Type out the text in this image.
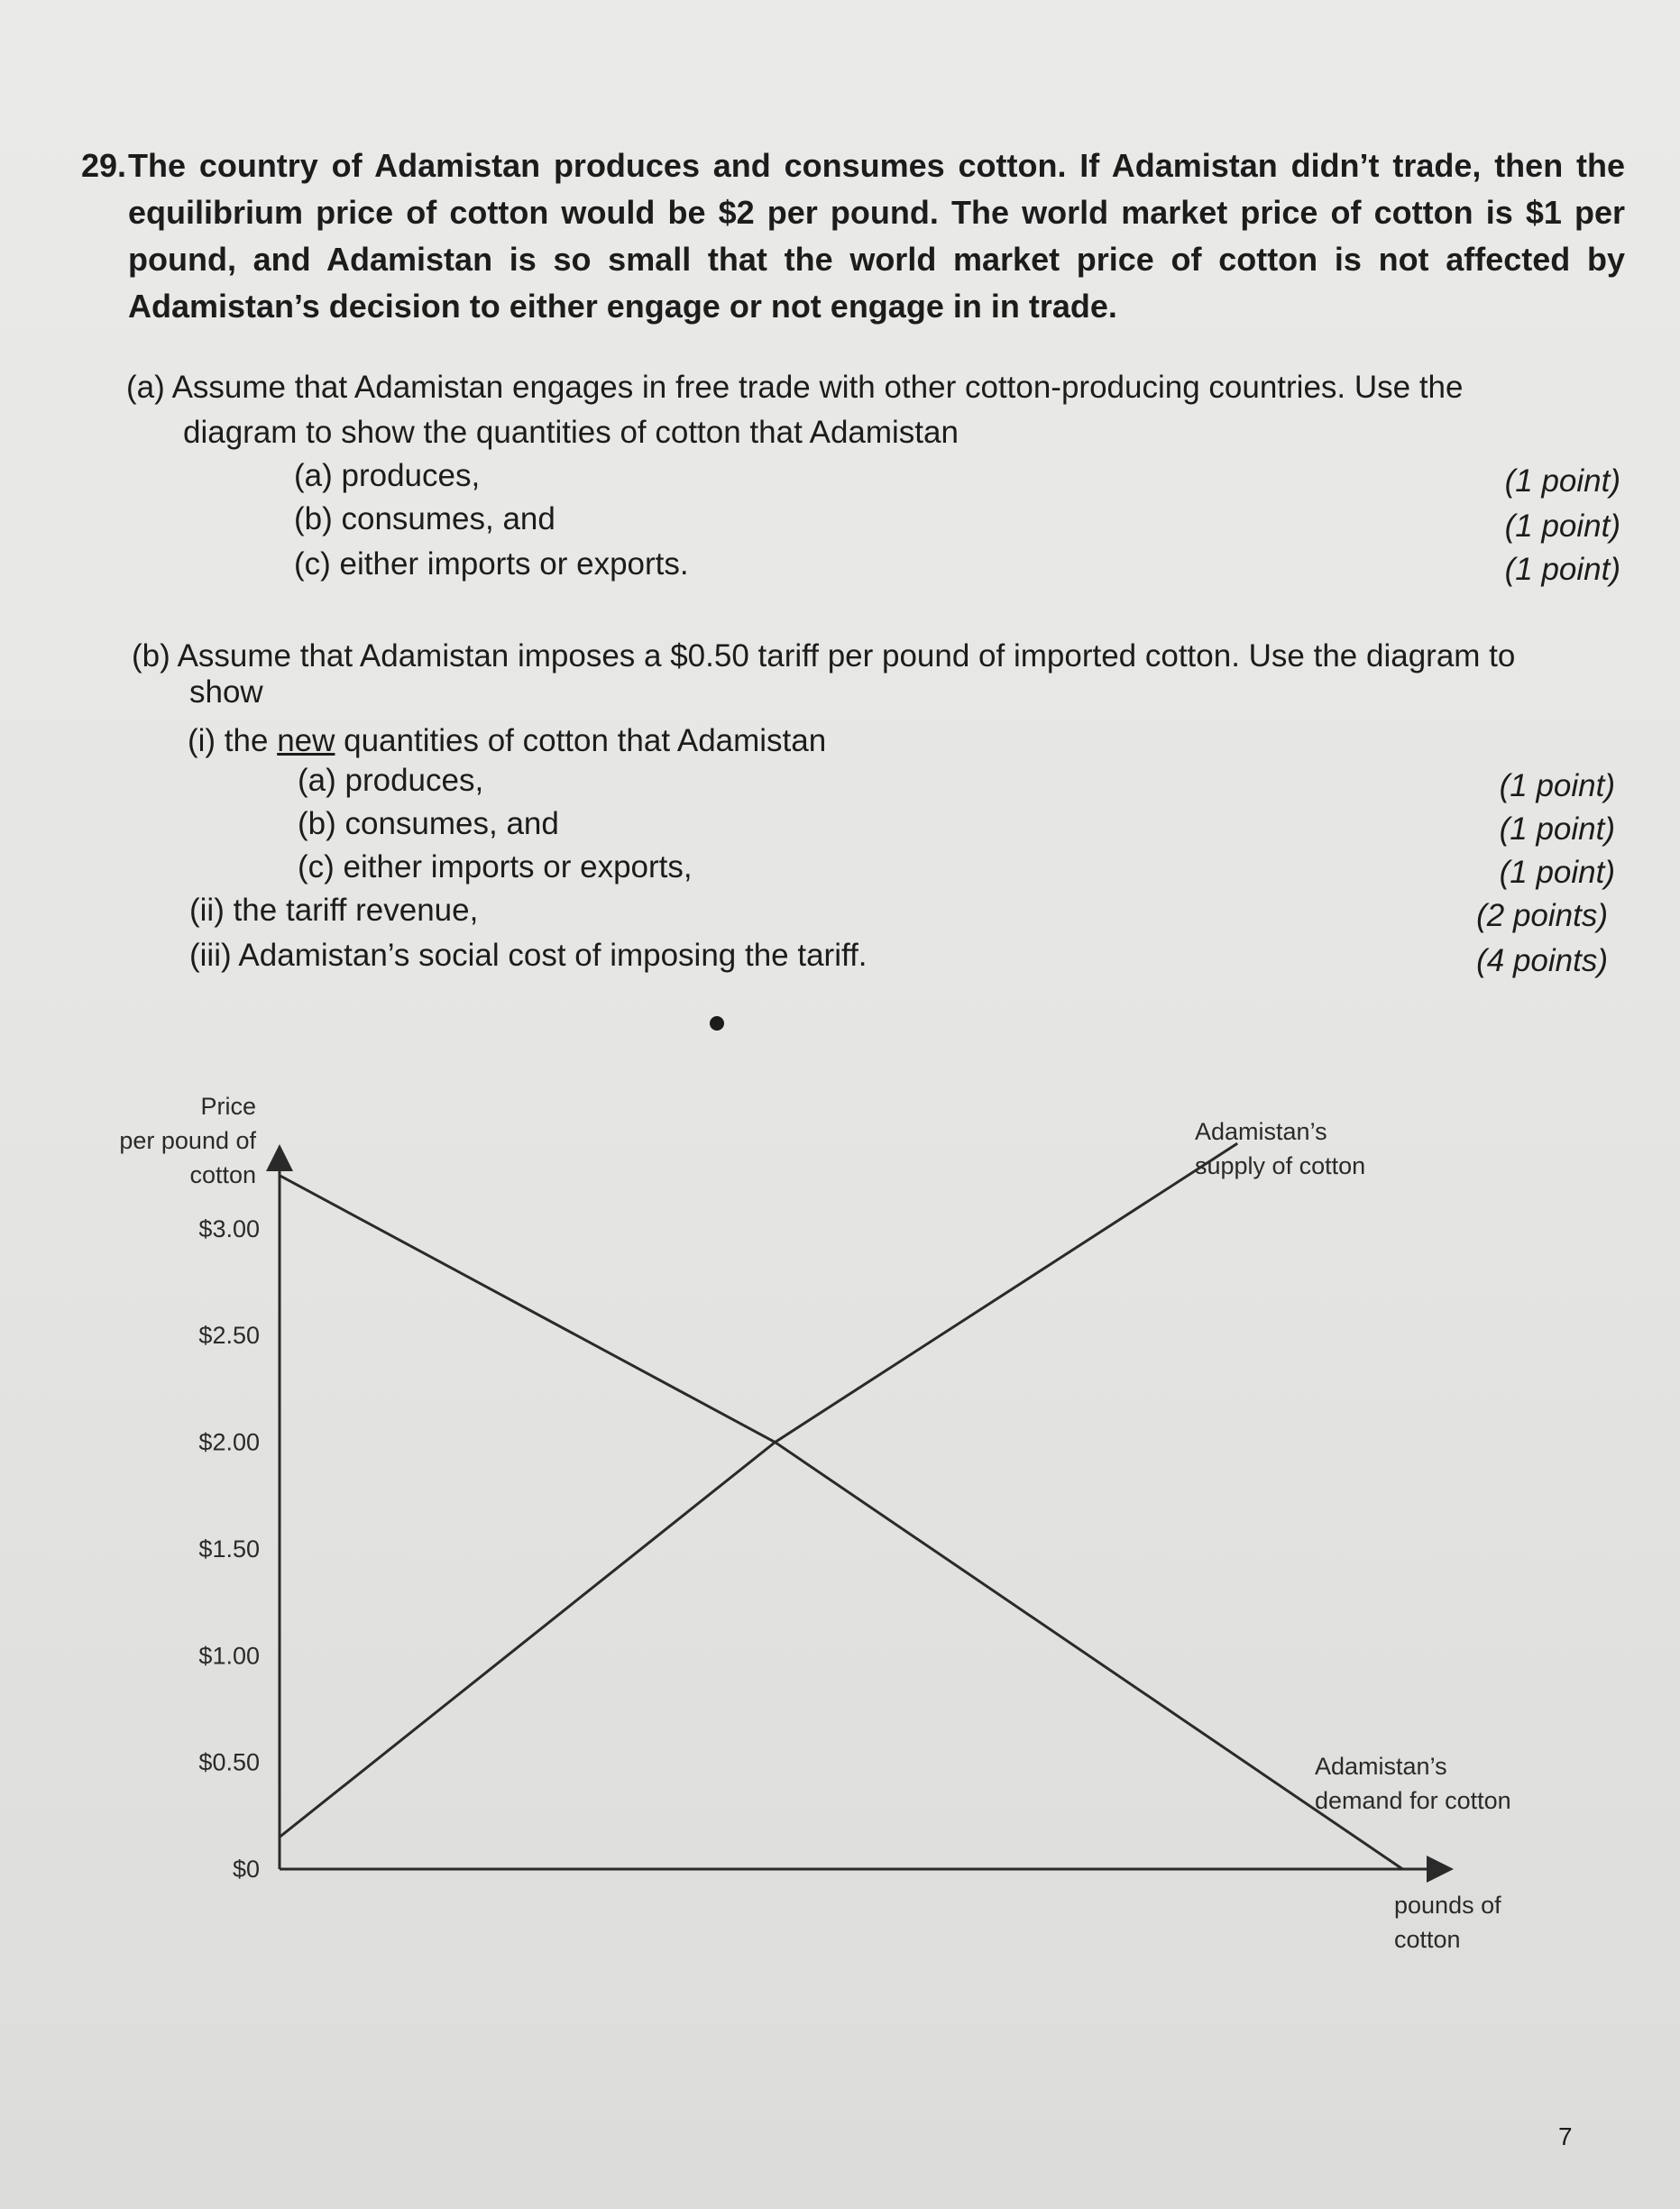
29. The country of Adamistan produces and consumes cotton. If Adamistan didn’t trade, then the equilibrium price of cotton would be $2 per pound. The world market price of cotton is $1 per pound, and Adamistan is so small that the world market price of cotton is not affected by Adamistan’s decision to either engage or not engage in in trade.
(a) Assume that Adamistan engages in free trade with other cotton-producing countries. Use the
diagram to show the quantities of cotton that Adamistan
(a) produces,	(1 point)
(b) consumes, and	(1 point)
(c) either imports or exports.	(1 point)
(b) Assume that Adamistan imposes a $0.50 tariff per pound of imported cotton. Use the diagram to
show
(i) the new quantities of cotton that Adamistan
(a) produces,	(1 point)
(b) consumes, and	(1 point)
(c) either imports or exports,	(1 point)
(ii) the tariff revenue,	(2 points)
(iii) Adamistan’s social cost of imposing the tariff.	(4 points)
Price
per pound of
cotton
pounds of
cotton
$0
$0.50
$1.00
$1.50
$2.00
$2.50
$3.00
Adamistan’s
supply of cotton
Adamistan’s
demand for cotton
7
